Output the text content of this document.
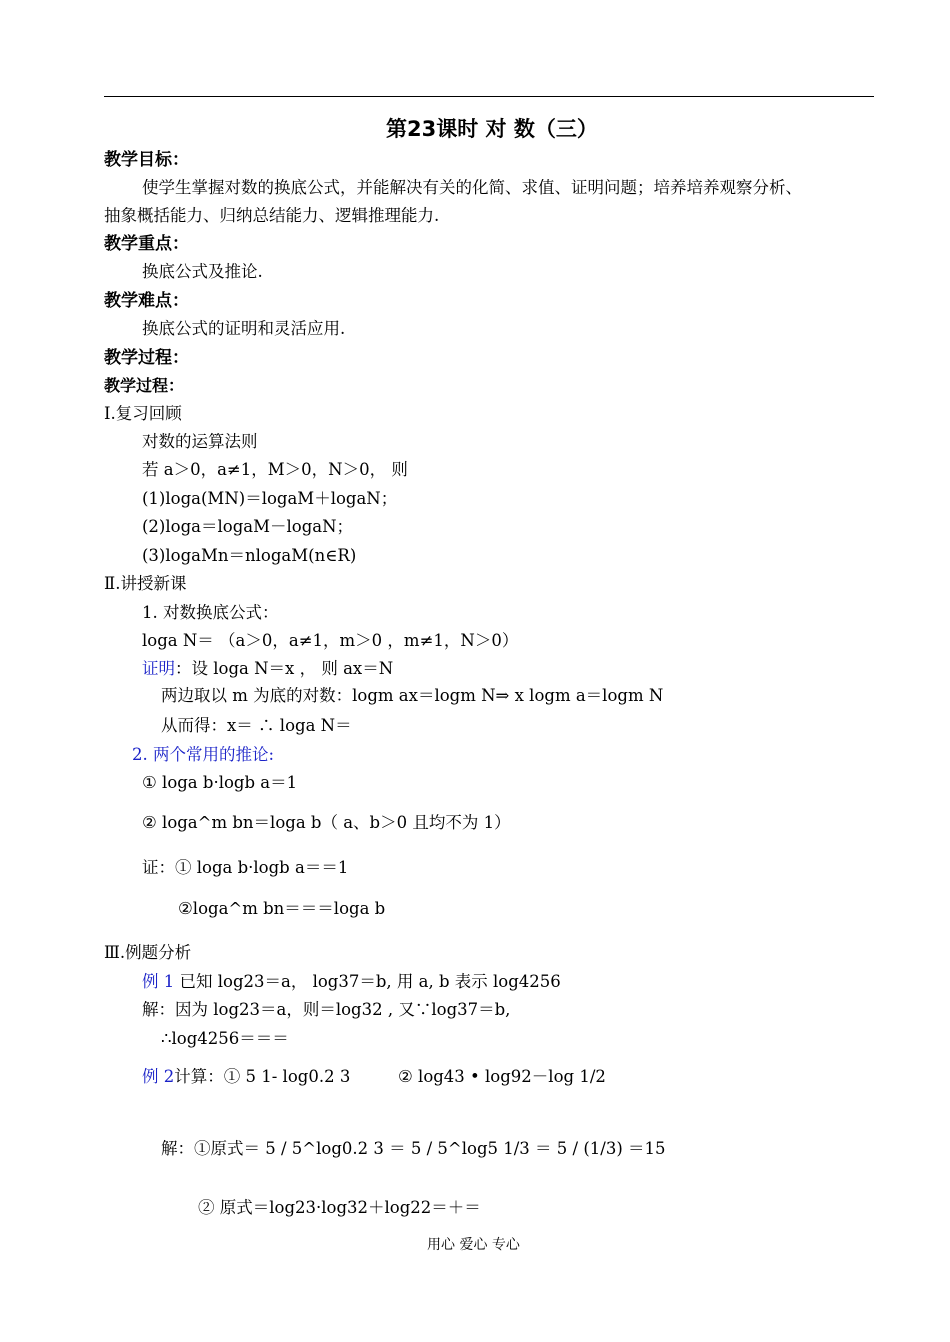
第23课时 对 数（三）
教学目标：
使学生掌握对数的换底公式，并能解决有关的化简、求值、证明问题；培养培养观察分析、
抽象概括能力、归纳总结能力、逻辑推理能力.
教学重点：
换底公式及推论.
教学难点：
换底公式的证明和灵活应用.
教学过程：
教学过程：
Ⅰ.复习回顾
对数的运算法则
若 a＞0，a≠1，M＞0，N＞0， 则
(1)loga(MN)＝logaM＋logaN；
(2)loga＝logaM－logaN；
(3)logaMn＝nlogaM(n∈R)
Ⅱ.讲授新课
1. 对数换底公式：
loga N＝ （a＞0，a≠1，m＞0 ，m≠1，N＞0）
证明：设 loga N＝x ， 则 ax＝N
两边取以 m 为底的对数：logm ax＝logm N⇒ x logm a＝logm N
从而得：x＝ ∴ loga N＝
2. 两个常用的推论:
① loga b·logb a＝1
② loga^m bn＝loga b（ a、b＞0 且均不为 1）
证：① loga b·logb a＝＝1
②loga^m bn＝＝＝loga b
Ⅲ.例题分析
例 1 已知 log23＝a， log37＝b, 用 a, b 表示 log4256
解：因为 log23＝a，则＝log32 , 又∵log37＝b,
∴log4256＝＝＝
例 2计算：① 5 1- log0.2 3	② log43 • log92－log 1/2
解：①原式＝ 5 / 5^log0.2 3 ＝ 5 / 5^log5 1/3 ＝ 5 / (1/3) ＝15
② 原式＝log23·log32＋log22＝＋＝
用心 爱心 专心
